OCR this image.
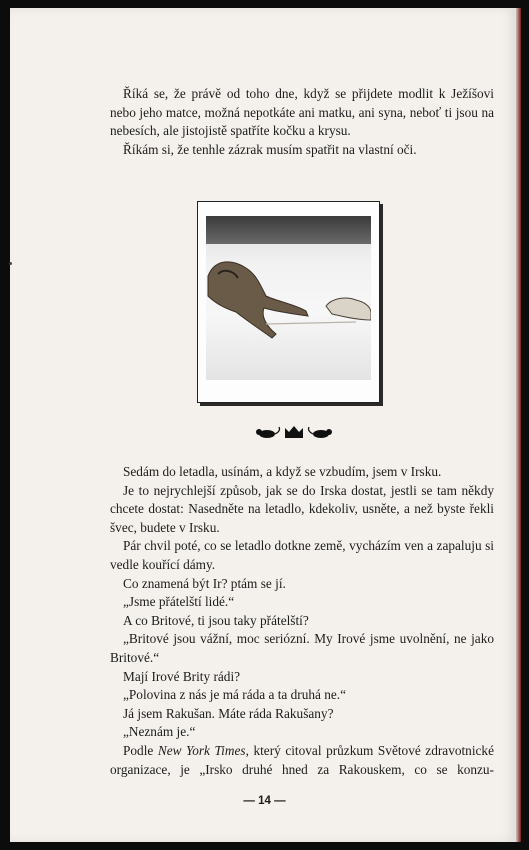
Říká se, že právě od toho dne, když se přijdete modlit k Ježíšovi nebo jeho matce, možná nepotkáte ani matku, ani syna, neboť ti jsou na nebesích, ale jistojistě spatříte kočku a krysu.

Říkám si, že tenhle zázrak musím spatřit na vlastní oči.

Sedám do letadla, usínám, a když se vzbudím, jsem v Irsku.

Je to nejrychlejší způsob, jak se do Irska dostat, jestli se tam někdy chcete dostat: Nasedněte na letadlo, kdekoliv, usněte, a než byste řekli švec, budete v Irsku.

Pár chvil poté, co se letadlo dotkne země, vycházím ven a zapaluju si vedle kouřící dámy.

Co znamená být Ir? ptám se jí.

„Jsme přátelští lidé.“

A co Britové, ti jsou taky přátelští?

„Britové jsou vážní, moc seriózní. My Irové jsme uvolnění, ne jako Britové.“

Mají Irové Brity rádi?

„Polovina z nás je má ráda a ta druhá ne.“

Já jsem Rakušan. Máte ráda Rakušany?

„Neznám je.“

Podle New York Times, který citoval průzkum Světové zdravotnické organizace, je „Irsko druhé hned za Rakouskem, co se konzu-

— 14 —
